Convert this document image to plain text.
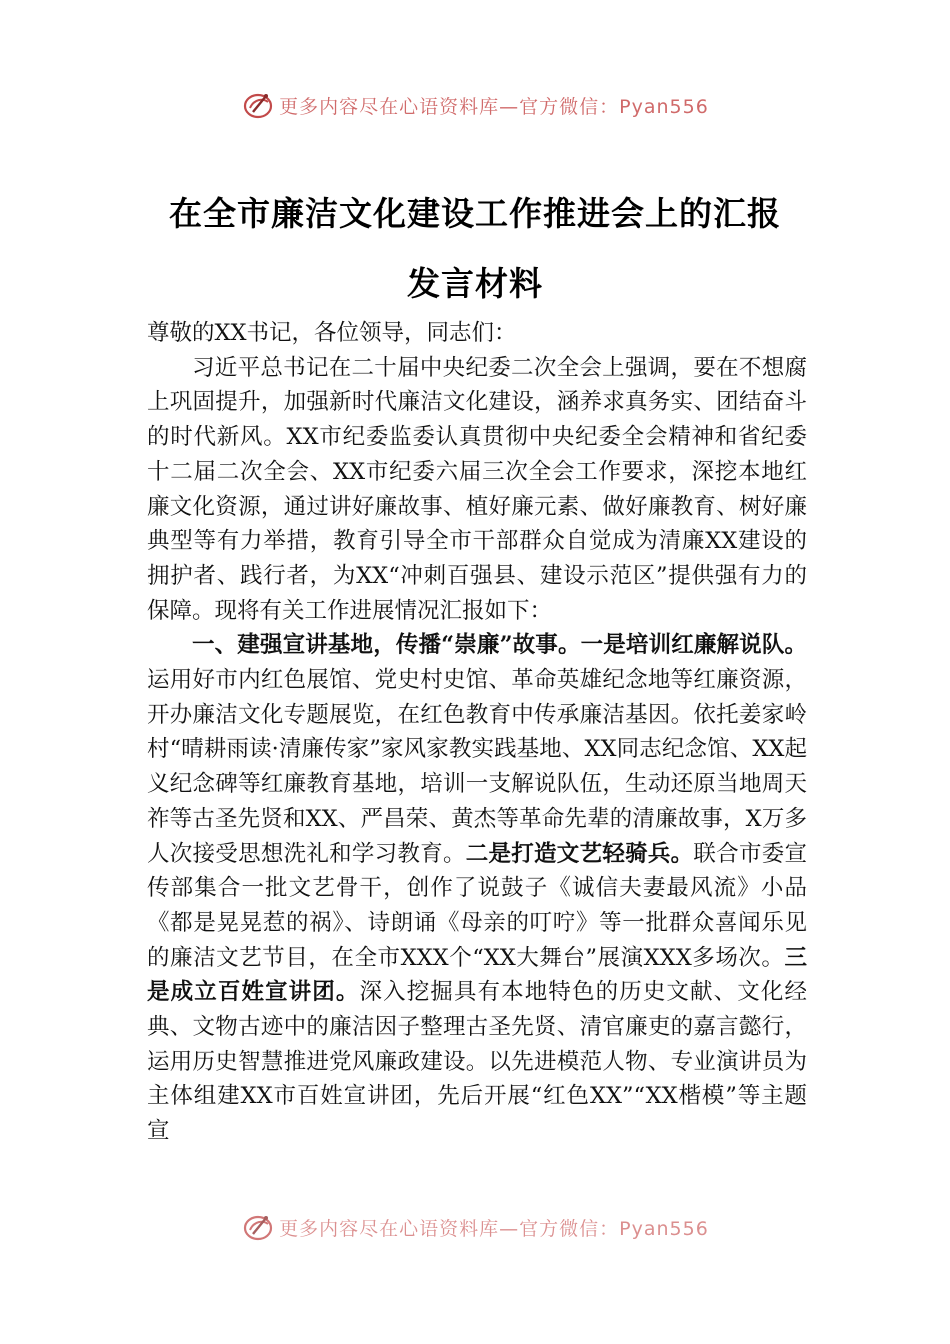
更多内容尽在心语资料库—官方微信：Pyan556
在全市廉洁文化建设工作推进会上的汇报
发言材料

尊敬的XX书记，各位领导，同志们：

习近平总书记在二十届中央纪委二次全会上强调，要在不想腐上巩固提升，加强新时代廉洁文化建设，涵养求真务实、团结奋斗的时代新风。XX市纪委监委认真贯彻中央纪委全会精神和省纪委十二届二次全会、XX市纪委六届三次全会工作要求，深挖本地红廉文化资源，通过讲好廉故事、植好廉元素、做好廉教育、树好廉典型等有力举措，教育引导全市干部群众自觉成为清廉XX建设的拥护者、践行者，为XX“冲刺百强县、建设示范区”提供强有力的保障。现将有关工作进展情况汇报如下：

一、建强宣讲基地，传播“崇廉”故事。一是培训红廉解说队。运用好市内红色展馆、党史村史馆、革命英雄纪念地等红廉资源，开办廉洁文化专题展览，在红色教育中传承廉洁基因。依托姜家岭村“晴耕雨读·清廉传家”家风家教实践基地、XX同志纪念馆、XX起义纪念碑等红廉教育基地，培训一支解说队伍，生动还原当地周天祚等古圣先贤和XX、严昌荣、黄杰等革命先辈的清廉故事，X万多人次接受思想洗礼和学习教育。二是打造文艺轻骑兵。联合市委宣传部集合一批文艺骨干，创作了说鼓子《诚信夫妻最风流》小品《都是晃晃惹的祸》、诗朗诵《母亲的叮咛》等一批群众喜闻乐见的廉洁文艺节目，在全市XXX个“XX大舞台”展演XXX多场次。三是成立百姓宣讲团。深入挖掘具有本地特色的历史文献、文化经典、文物古迹中的廉洁因子整理古圣先贤、清官廉吏的嘉言懿行，运用历史智慧推进党风廉政建设。以先进模范人物、专业演讲员为主体组建XX市百姓宣讲团，先后开展“红色XX”“XX楷模”等主题宣

更多内容尽在心语资料库—官方微信：Pyan556
